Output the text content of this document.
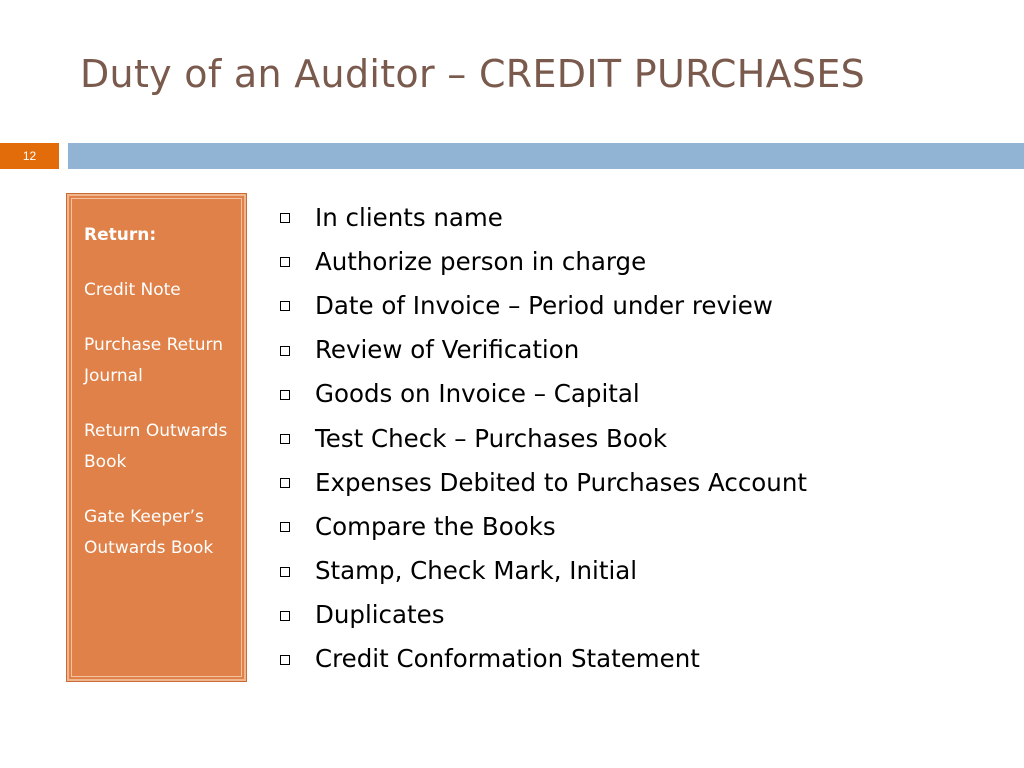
Duty of an Auditor – CREDIT PURCHASES
12
Return:
Credit Note
Purchase Return Journal
Return Outwards Book
Gate Keeper’s Outwards Book
In clients name
Authorize person in charge
Date of Invoice – Period under review
Review of Verification
Goods on Invoice – Capital
Test Check – Purchases Book
Expenses Debited to Purchases Account
Compare the Books
Stamp, Check Mark, Initial
Duplicates
Credit Conformation Statement
